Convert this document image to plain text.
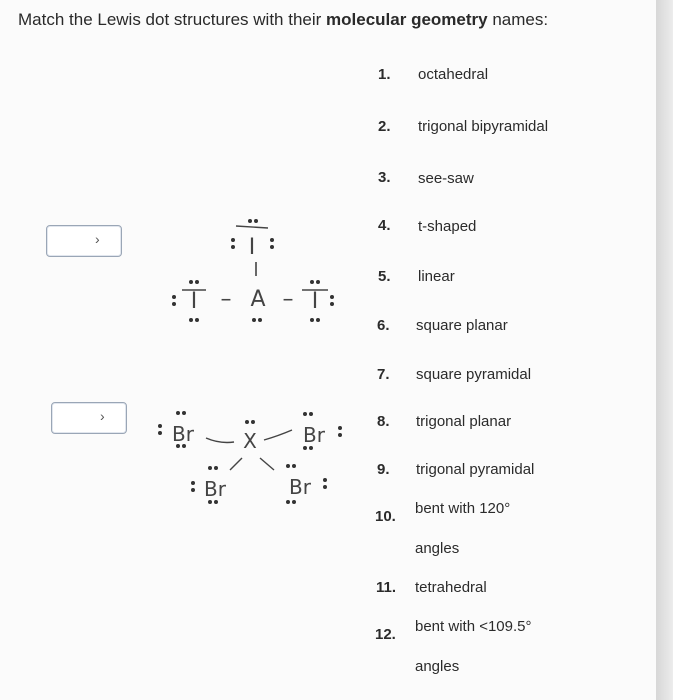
Match the Lewis dot structures with their molecular geometry names:
1. octahedral
2. trigonal bipyramidal
3. see-saw
4. t-shaped
5. linear
6. square planar
7. square pyramidal
8. trigonal planar
9. trigonal pyramidal
10. bent with 120°
angles
11. tetrahedral
12. bent with <109.5°
angles
›
›
I
I – A – I
Br	Br
X
Br	Br
